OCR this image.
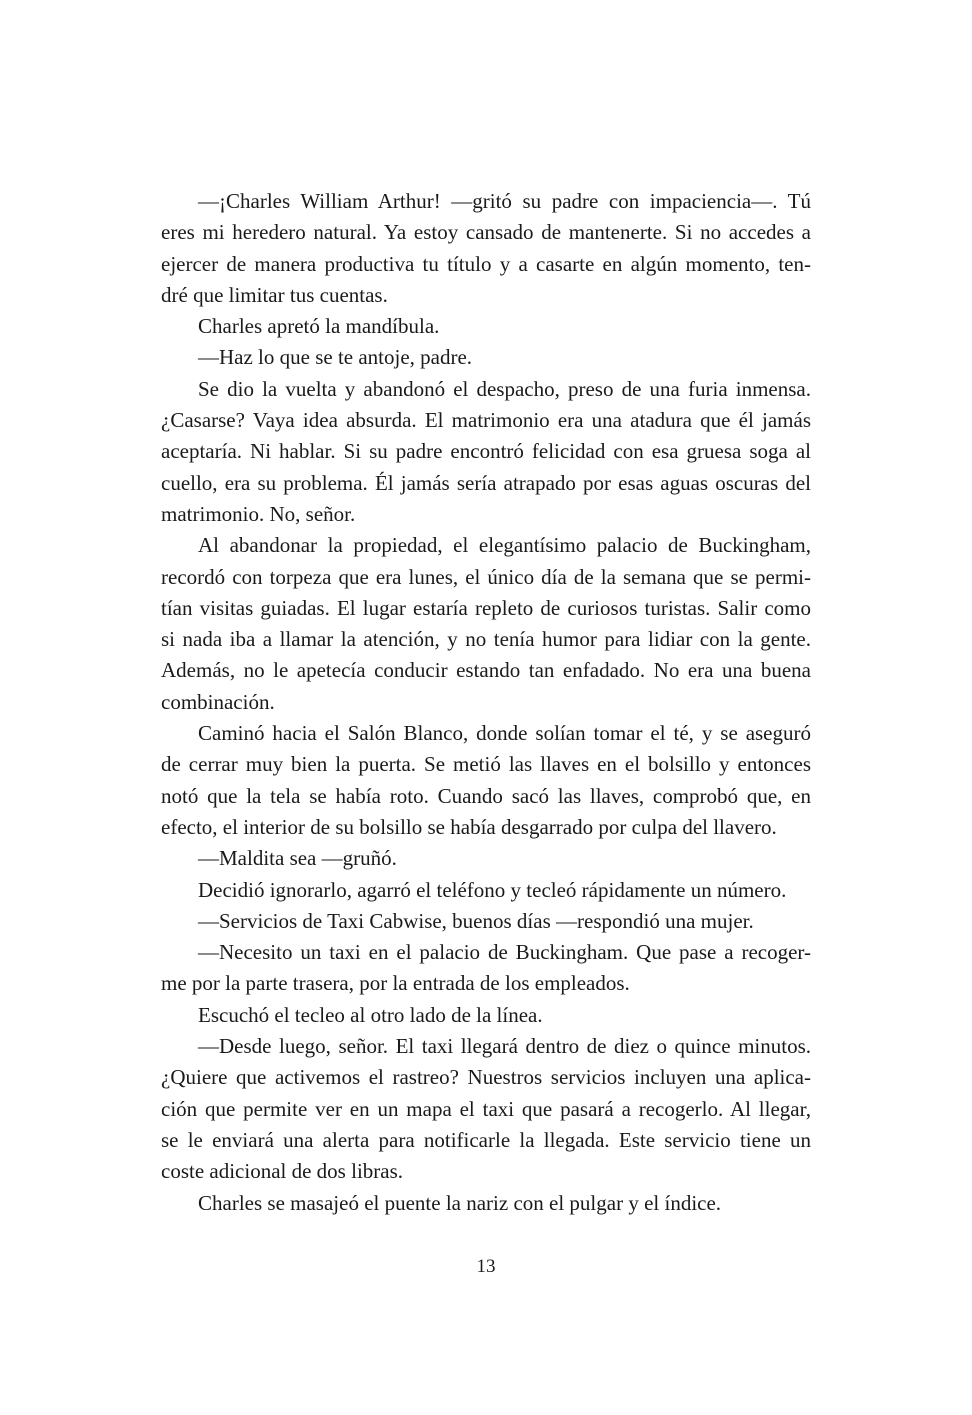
—¡Charles William Arthur! —gritó su padre con impaciencia—. Tú
eres mi heredero natural. Ya estoy cansado de mantenerte. Si no accedes a
ejercer de manera productiva tu título y a casarte en algún momento, ten-
dré que limitar tus cuentas.
Charles apretó la mandíbula.
—Haz lo que se te antoje, padre.
Se dio la vuelta y abandonó el despacho, preso de una furia inmensa.
¿Casarse? Vaya idea absurda. El matrimonio era una atadura que él jamás
aceptaría. Ni hablar. Si su padre encontró felicidad con esa gruesa soga al
cuello, era su problema. Él jamás sería atrapado por esas aguas oscuras del
matrimonio. No, señor.
Al abandonar la propiedad, el elegantísimo palacio de Buckingham,
recordó con torpeza que era lunes, el único día de la semana que se permi-
tían visitas guiadas. El lugar estaría repleto de curiosos turistas. Salir como
si nada iba a llamar la atención, y no tenía humor para lidiar con la gente.
Además, no le apetecía conducir estando tan enfadado. No era una buena
combinación.
Caminó hacia el Salón Blanco, donde solían tomar el té, y se aseguró
de cerrar muy bien la puerta. Se metió las llaves en el bolsillo y entonces
notó que la tela se había roto. Cuando sacó las llaves, comprobó que, en
efecto, el interior de su bolsillo se había desgarrado por culpa del llavero.
—Maldita sea —gruñó.
Decidió ignorarlo, agarró el teléfono y tecleó rápidamente un número.
—Servicios de Taxi Cabwise, buenos días —respondió una mujer.
—Necesito un taxi en el palacio de Buckingham. Que pase a recoger-
me por la parte trasera, por la entrada de los empleados.
Escuchó el tecleo al otro lado de la línea.
—Desde luego, señor. El taxi llegará dentro de diez o quince minutos.
¿Quiere que activemos el rastreo? Nuestros servicios incluyen una aplica-
ción que permite ver en un mapa el taxi que pasará a recogerlo. Al llegar,
se le enviará una alerta para notificarle la llegada. Este servicio tiene un
coste adicional de dos libras.
Charles se masajeó el puente la nariz con el pulgar y el índice.
13
